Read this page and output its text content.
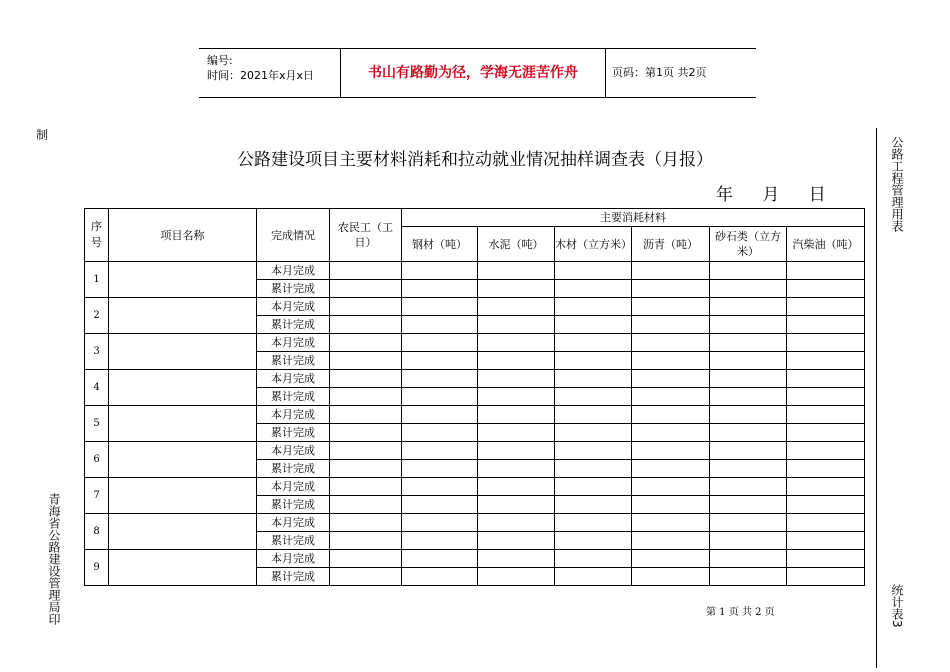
编号:
时间：2021年x月x日	书山有路勤为径，学海无涯苦作舟	页码：第1页 共2页
制
公路建设项目主要材料消耗和拉动就业情况抽样调查表（月报）
年 月 日	公路工程管理用表
统计表3
青海省公路建设管理局印
序号	项目名称	完成情况	农民工（工日）	主要消耗材料					
				钢材（吨）	水泥（吨）	木材（立方米）	沥青（吨）	砂石类（立方米）	汽柴油（吨）
1		本月完成							
		累计完成							
2		本月完成							
		累计完成							
3		本月完成							
		累计完成							
4		本月完成							
		累计完成							
5		本月完成							
		累计完成							
6		本月完成							
		累计完成							
7		本月完成							
		累计完成							
8		本月完成							
		累计完成							
9		本月完成							
		累计完成							
第 1 页 共 2 页
